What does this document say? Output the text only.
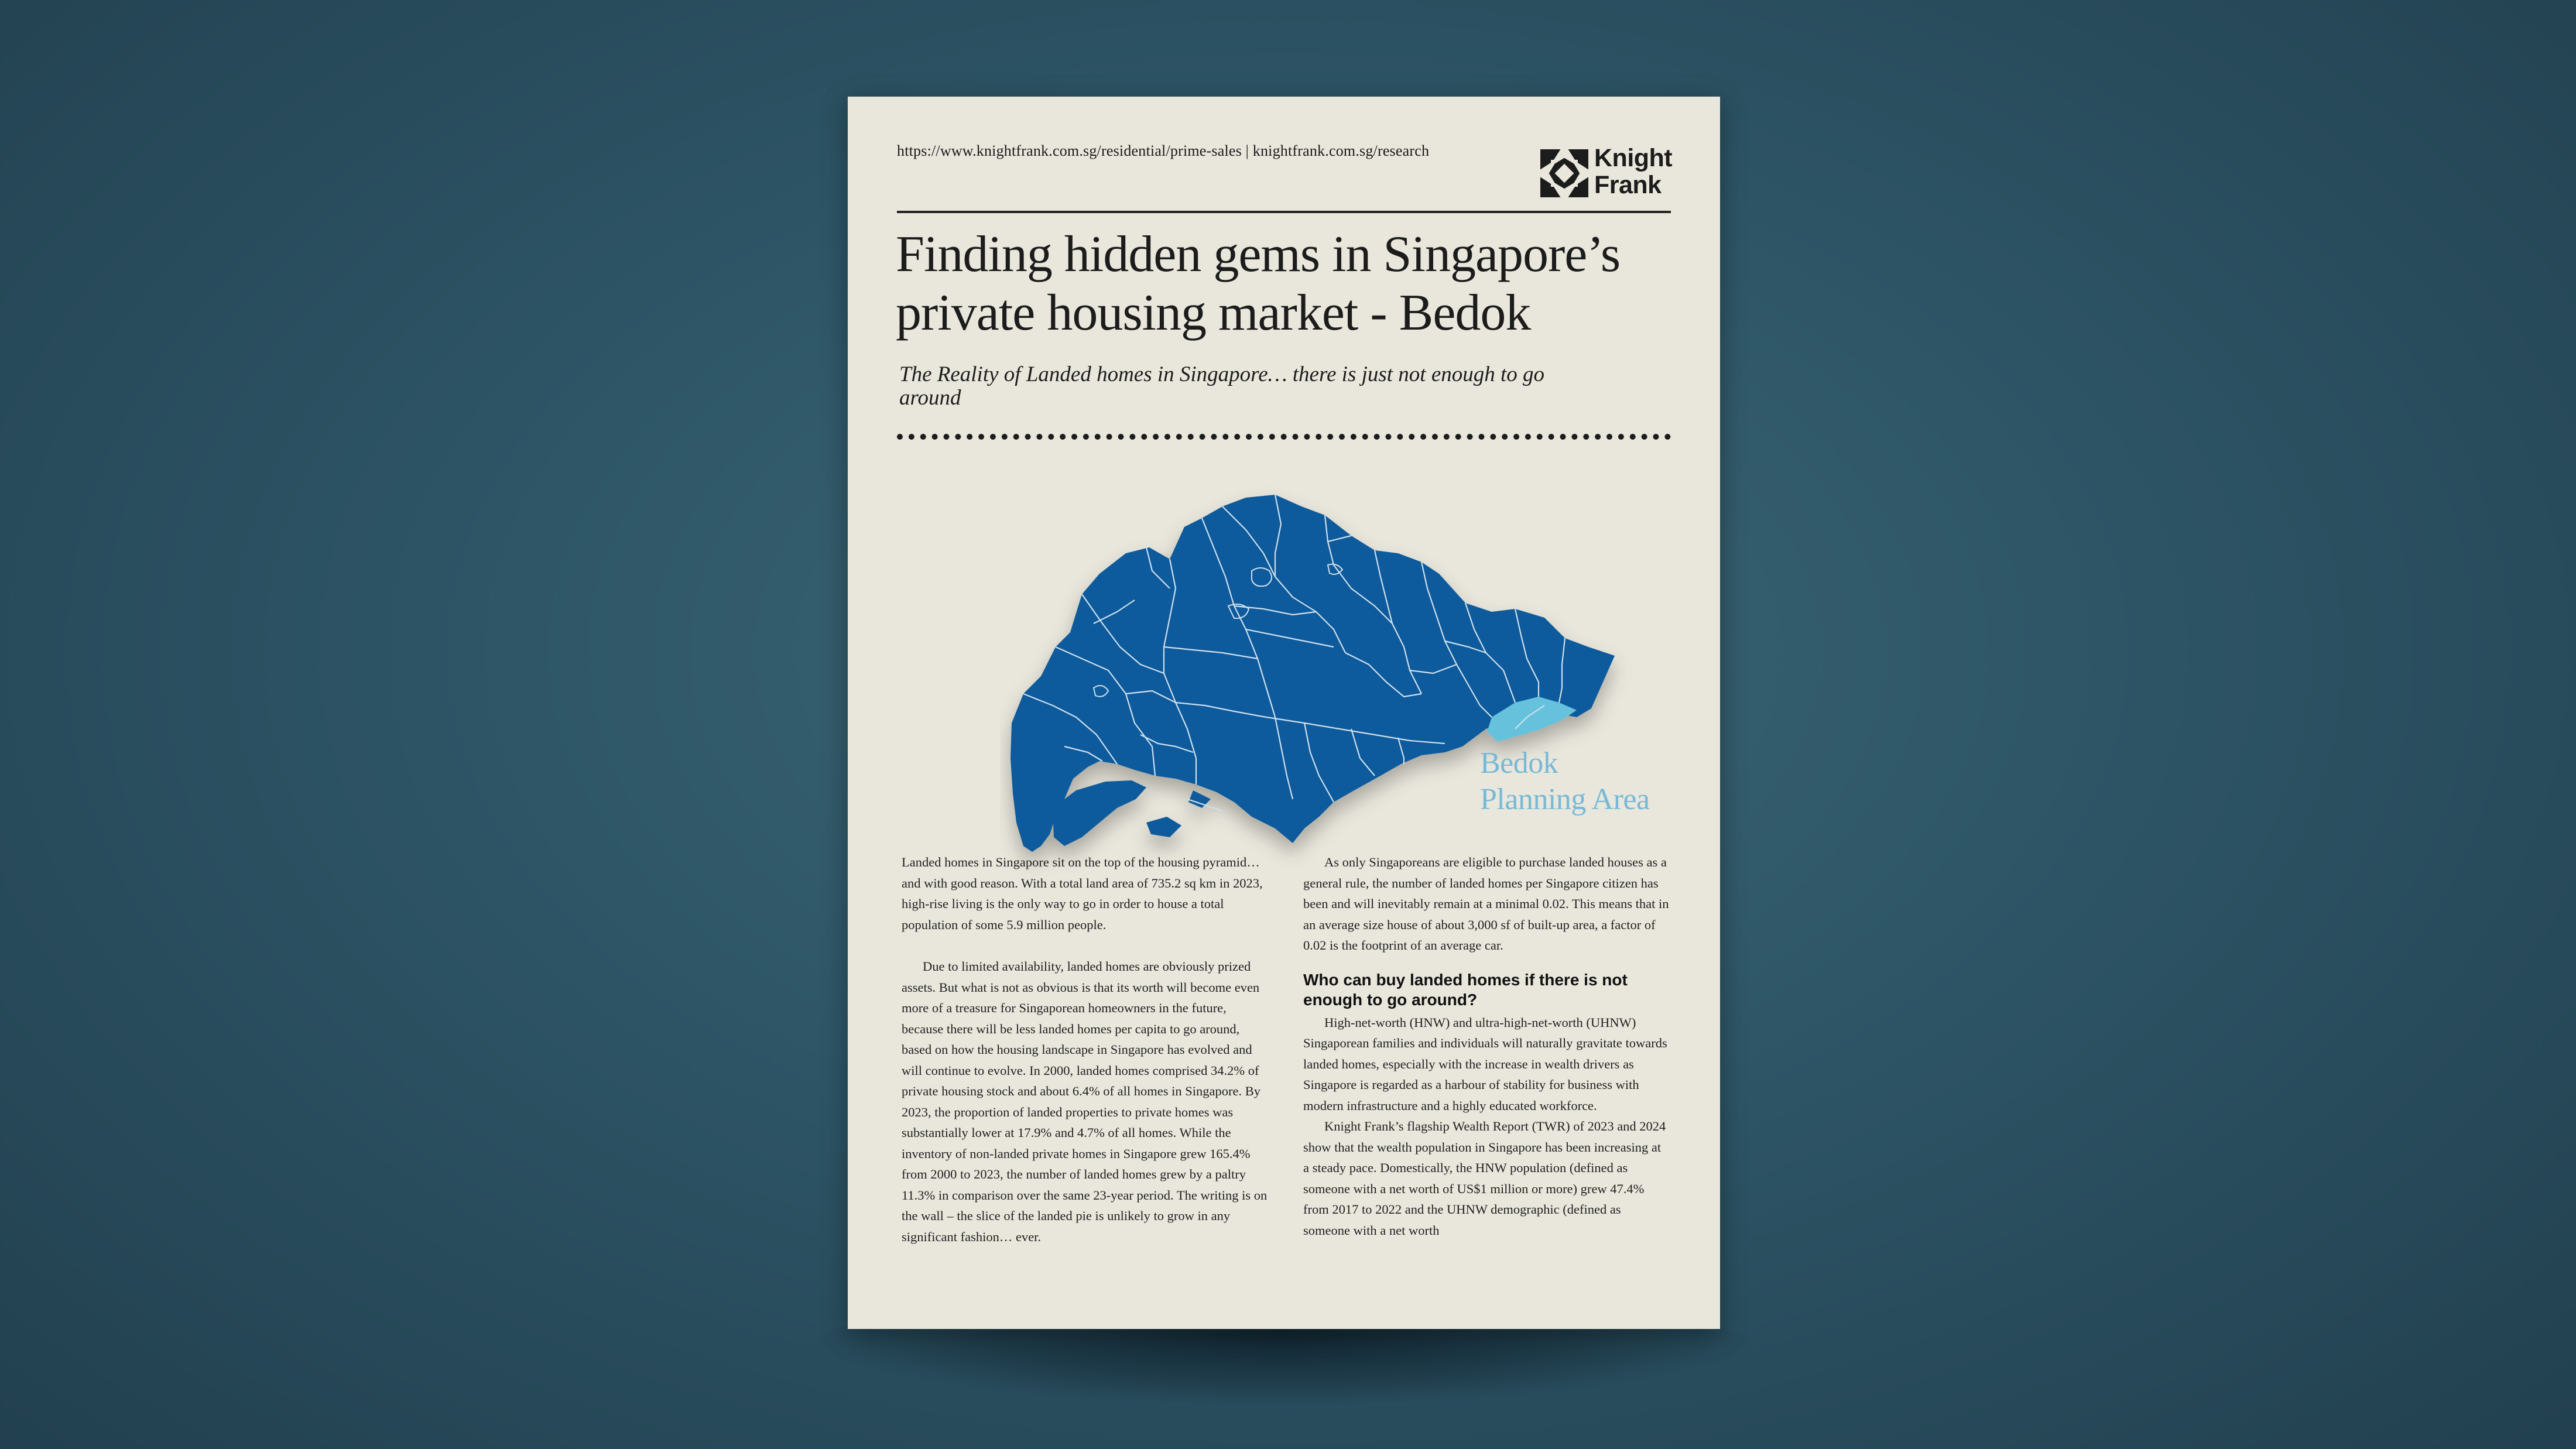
https://www.knightfrank.com.sg/residential/prime-sales | knightfrank.com.sg/research	Knight
Frank
Finding hidden gems in Singapore’s
private housing market - Bedok

The Reality of Landed homes in Singapore… there is just not enough to go around

Bedok
Planning Area

Landed homes in Singapore sit on the top of the housing pyramid… and with good reason. With a total land area of 735.2 sq km in 2023, high-rise living is the only way to go in order to house a total population of some 5.9 million people.

Due to limited availability, landed homes are obviously prized assets. But what is not as obvious is that its worth will become even more of a treasure for Singaporean homeowners in the future, because there will be less landed homes per capita to go around, based on how the housing landscape in Singapore has evolved and will continue to evolve. In 2000, landed homes comprised 34.2% of private housing stock and about 6.4% of all homes in Singapore. By 2023, the proportion of landed properties to private homes was substantially lower at 17.9% and 4.7% of all homes. While the inventory of non-landed private homes in Singapore grew 165.4% from 2000 to 2023, the number of landed homes grew by a paltry 11.3% in comparison over the same 23-year period. The writing is on the wall – the slice of the landed pie is unlikely to grow in any significant fashion… ever.

As only Singaporeans are eligible to purchase landed houses as a general rule, the number of landed homes per Singapore citizen has been and will inevitably remain at a minimal 0.02. This means that in an average size house of about 3,000 sf of built-up area, a factor of 0.02 is the footprint of an average car.

Who can buy landed homes if there is not enough to go around?

High-net-worth (HNW) and ultra-high-net-worth (UHNW) Singaporean families and individuals will naturally gravitate towards landed homes, especially with the increase in wealth drivers as Singapore is regarded as a harbour of stability for business with modern infrastructure and a highly educated workforce.

Knight Frank’s flagship Wealth Report (TWR) of 2023 and 2024 show that the wealth population in Singapore has been increasing at a steady pace. Domestically, the HNW population (defined as someone with a net worth of US$1 million or more) grew 47.4% from 2017 to 2022 and the UHNW demographic (defined as someone with a net worth
